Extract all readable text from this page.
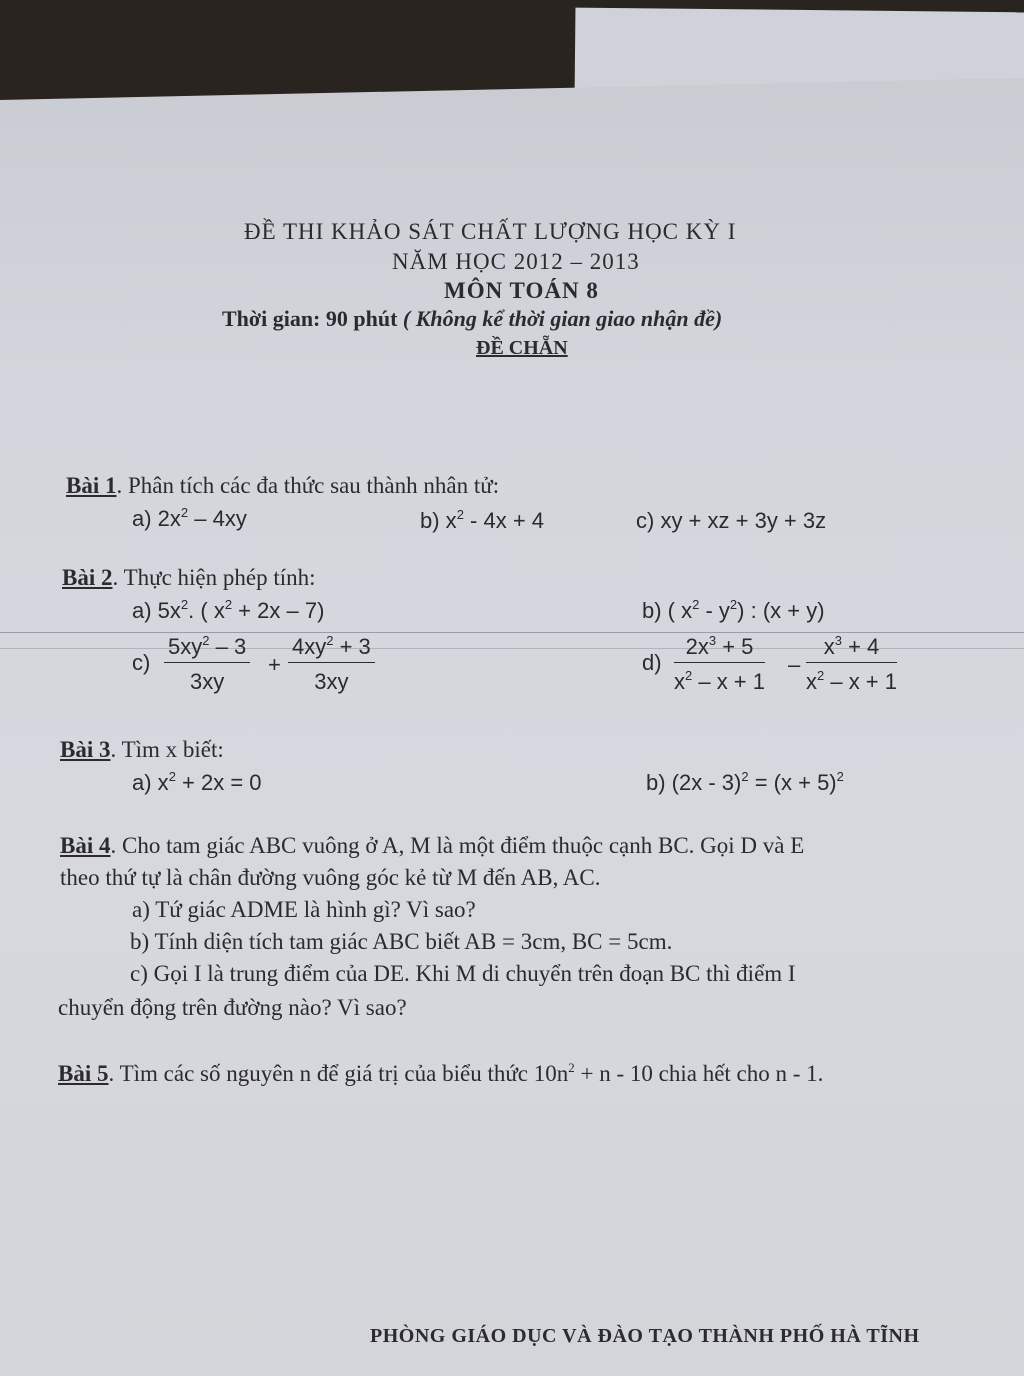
ĐỀ THI KHẢO SÁT CHẤT LƯỢNG HỌC KỲ I
NĂM HỌC 2012 – 2013
MÔN TOÁN 8
Thời gian: 90 phút ( Không kể thời gian giao nhận đề)
ĐỀ CHẴN
Bài 1. Phân tích các đa thức sau thành nhân tử:
a) $2x^2 - 4xy$	b) $x^2 - 4x + 4$	c) xy + xz + 3y + 3z
Bài 2. Thực hiện phép tính:
a) $5x^2$. ( $x^2 + 2x - 7$)	b) ( $x^2 - y^2$) : (x + y)
$c) \frac{5xy^2 - 3}{3xy} + \frac{4xy^2 + 3}{3xy}$	$d) \frac{2x^3 + 5}{x^2 - x + 1} - \frac{x^3 + 4}{x^2 - x + 1}$
Bài 3. Tìm x biết:
a) $x^2 + 2x = 0$	b) $(2x - 3)^2 = (x + 5)^2$
Bài 4. Cho tam giác ABC vuông ở A, M là một điểm thuộc cạnh BC. Gọi D và E
theo thứ tự là chân đường vuông góc kẻ từ M đến AB, AC.
a) Tứ giác ADME là hình gì? Vì sao?
b) Tính diện tích tam giác ABC biết AB = 3cm, BC = 5cm.
c) Gọi I là trung điểm của DE. Khi M di chuyển trên đoạn BC thì điểm I
chuyển động trên đường nào? Vì sao?
Bài 5. Tìm các số nguyên n để giá trị của biểu thức $10n^2 + n - 10$ chia hết cho n - 1.
PHÒNG GIÁO DỤC VÀ ĐÀO TẠO THÀNH PHỐ HÀ TĨNH
